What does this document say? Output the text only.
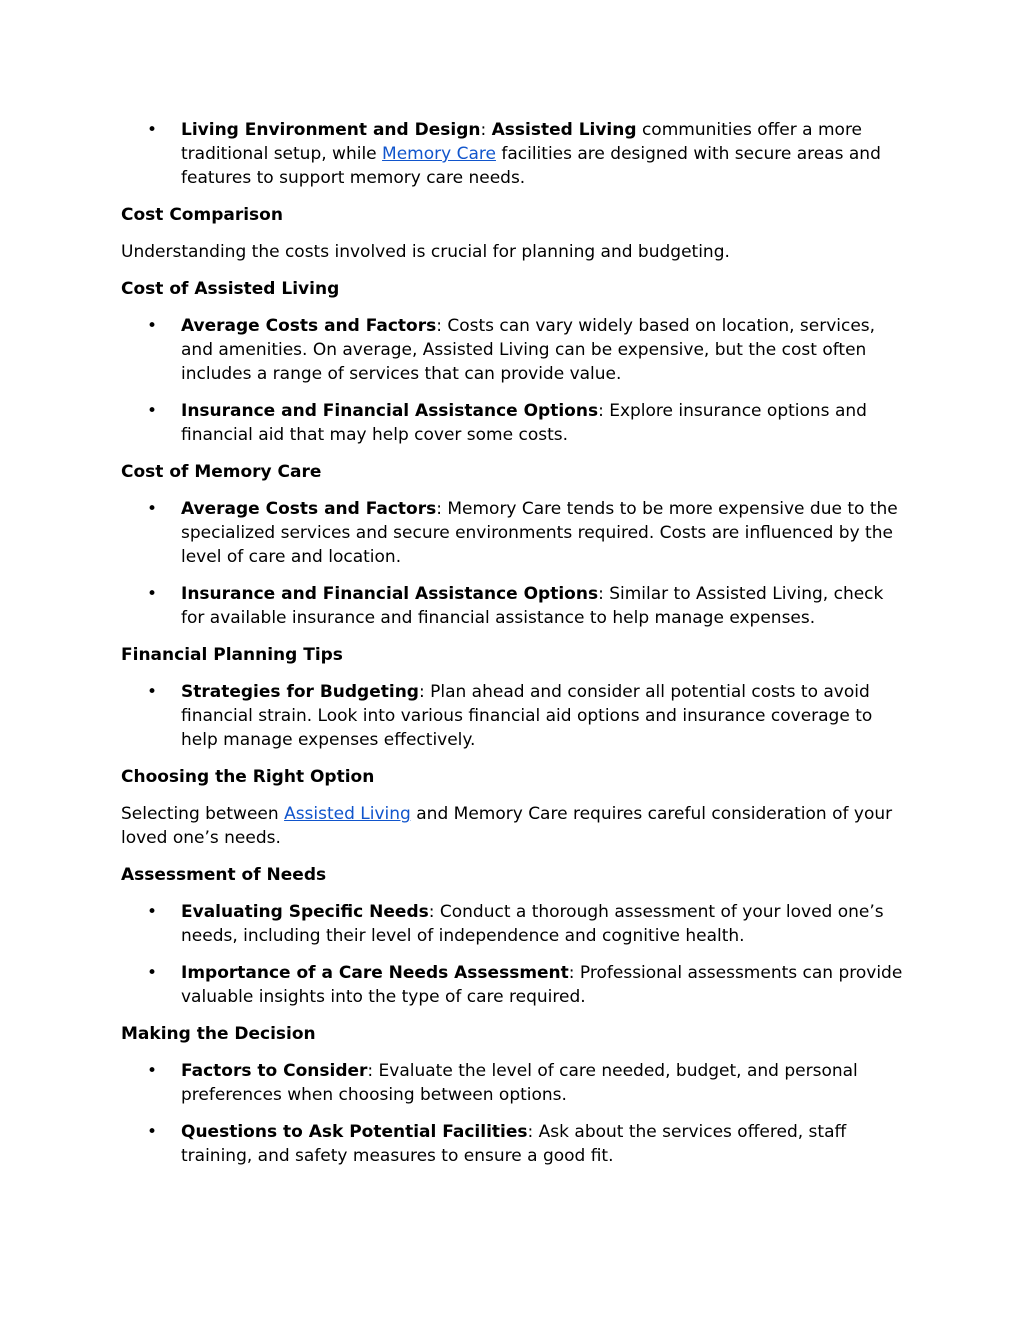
• Living Environment and Design: Assisted Living communities offer a more traditional setup, while Memory Care facilities are designed with secure areas and features to support memory care needs.
Cost Comparison

Understanding the costs involved is crucial for planning and budgeting.

Cost of Assisted Living
• Average Costs and Factors: Costs can vary widely based on location, services, and amenities. On average, Assisted Living can be expensive, but the cost often includes a range of services that can provide value.
• Insurance and Financial Assistance Options: Explore insurance options and financial aid that may help cover some costs.
Cost of Memory Care
• Average Costs and Factors: Memory Care tends to be more expensive due to the specialized services and secure environments required. Costs are influenced by the level of care and location.
• Insurance and Financial Assistance Options: Similar to Assisted Living, check for available insurance and financial assistance to help manage expenses.
Financial Planning Tips
• Strategies for Budgeting: Plan ahead and consider all potential costs to avoid financial strain. Look into various financial aid options and insurance coverage to help manage expenses effectively.
Choosing the Right Option

Selecting between Assisted Living and Memory Care requires careful consideration of your loved one’s needs.

Assessment of Needs
• Evaluating Specific Needs: Conduct a thorough assessment of your loved one’s needs, including their level of independence and cognitive health.
• Importance of a Care Needs Assessment: Professional assessments can provide valuable insights into the type of care required.
Making the Decision
• Factors to Consider: Evaluate the level of care needed, budget, and personal preferences when choosing between options.
• Questions to Ask Potential Facilities: Ask about the services offered, staff training, and safety measures to ensure a good fit.
